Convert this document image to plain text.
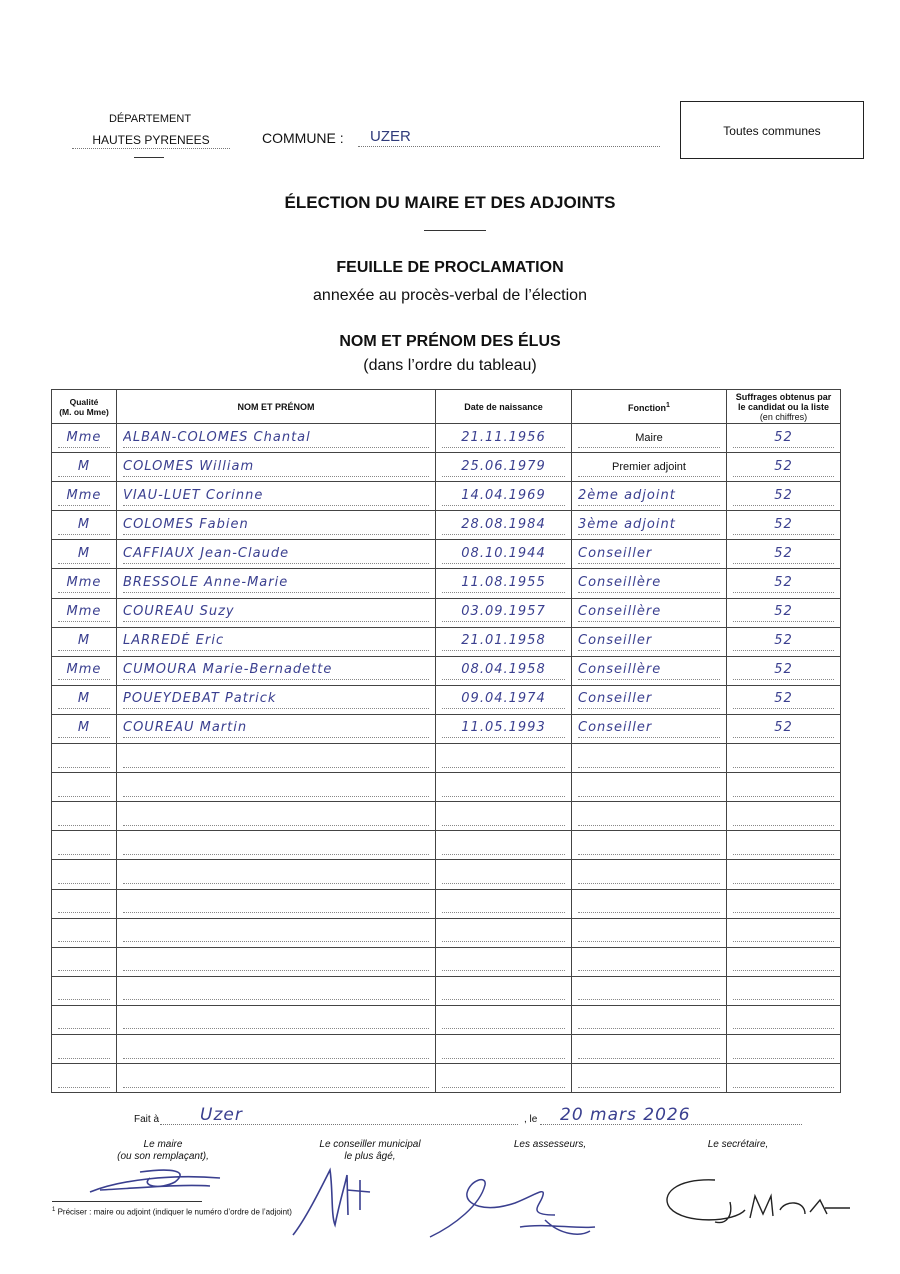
DÉPARTEMENT
HAUTES PYRENEES	COMMUNE : UZER	Toutes communes
ÉLECTION DU MAIRE ET DES ADJOINTS
FEUILLE DE PROCLAMATION
annexée au procès-verbal de l’élection
NOM ET PRÉNOM DES ÉLUS
(dans l’ordre du tableau)
Qualité
(M. ou Mme)	NOM ET PRÉNOM	Date de naissance	Fonction$^1$	Suffrages obtenus par
le candidat ou la liste
(en chiffres)

Mme	ALBAN-COLOMES Chantal	21.11.1956	Maire	52

M	COLOMES William	25.06.1979	Premier adjoint	52

Mme	VIAU-LUET Corinne	14.04.1969	2ème adjoint	52

M	COLOMES Fabien	28.08.1984	3ème adjoint	52

M	CAFFIAUX Jean-Claude	08.10.1944	Conseiller	52

Mme	BRESSOLE Anne-Marie	11.08.1955	Conseillère	52

Mme	COUREAU Suzy	03.09.1957	Conseillère	52

M	LARREDÉ Eric	21.01.1958	Conseiller	52

Mme	CUMOURA Marie-Bernadette	08.04.1958	Conseillère	52

M	POUEYDEBAT Patrick	09.04.1974	Conseiller	52

M	COUREAU Martin	11.05.1993	Conseiller	52

Fait à Uzer	, le 20 mars 2026
Le maire
(ou son remplaçant),
Le conseiller municipal
le plus âgé,
Les assesseurs,	Le secrétaire,
$^1$ Préciser : maire ou adjoint (indiquer le numéro d’ordre de l’adjoint)
